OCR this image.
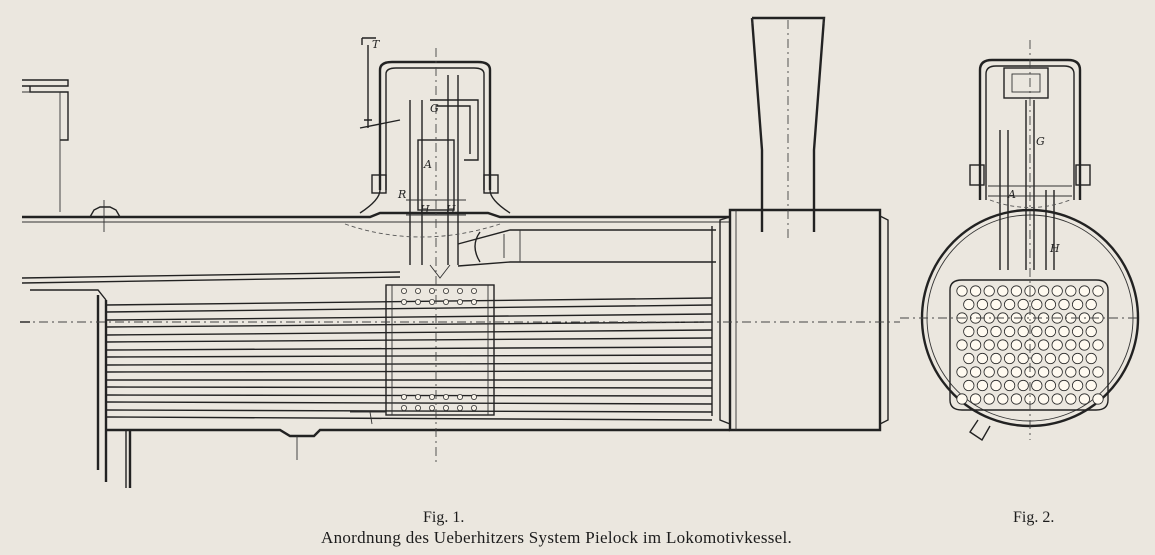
T
G
A
R
H H
G
A
H
Fig. 1.	Fig. 2.
Anordnung des Ueberhitzers System Pielock im Lokomotivkessel.
